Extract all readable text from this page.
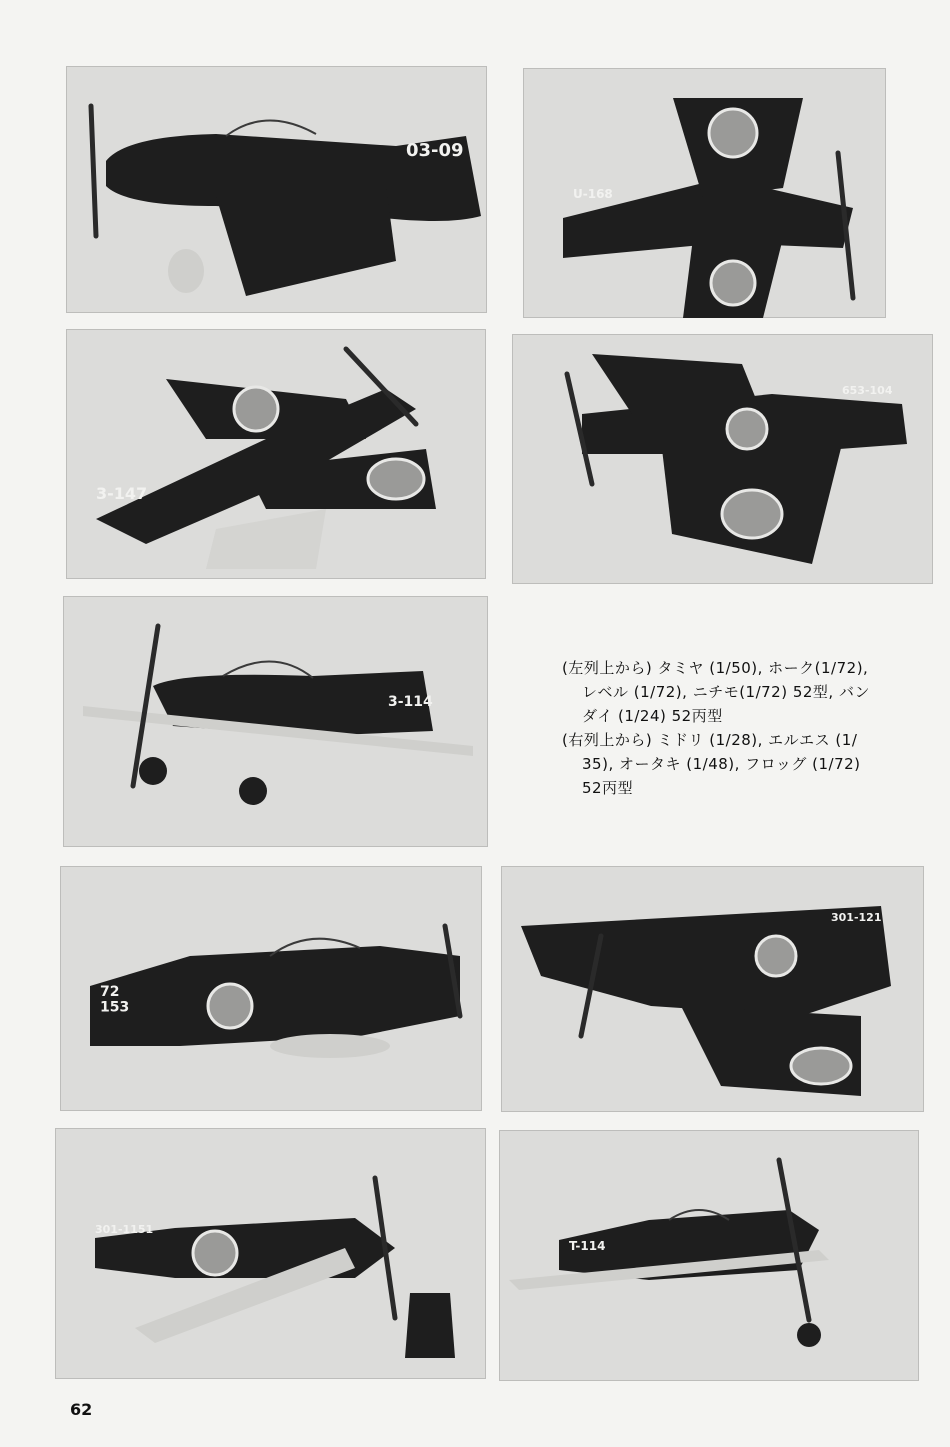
03-09
U-168
3-147
653-104
3-114
(左列上から) タミヤ (1/50), ホーク(1/72),
レベル (1/72), ニチモ(1/72) 52型, バン
ダイ (1/24) 52丙型
(右列上から) ミドリ (1/28), エルエス (1/
35), オータキ (1/48), フロッグ (1/72)
52丙型
72 153
301-121
301-1151
T-114
62
